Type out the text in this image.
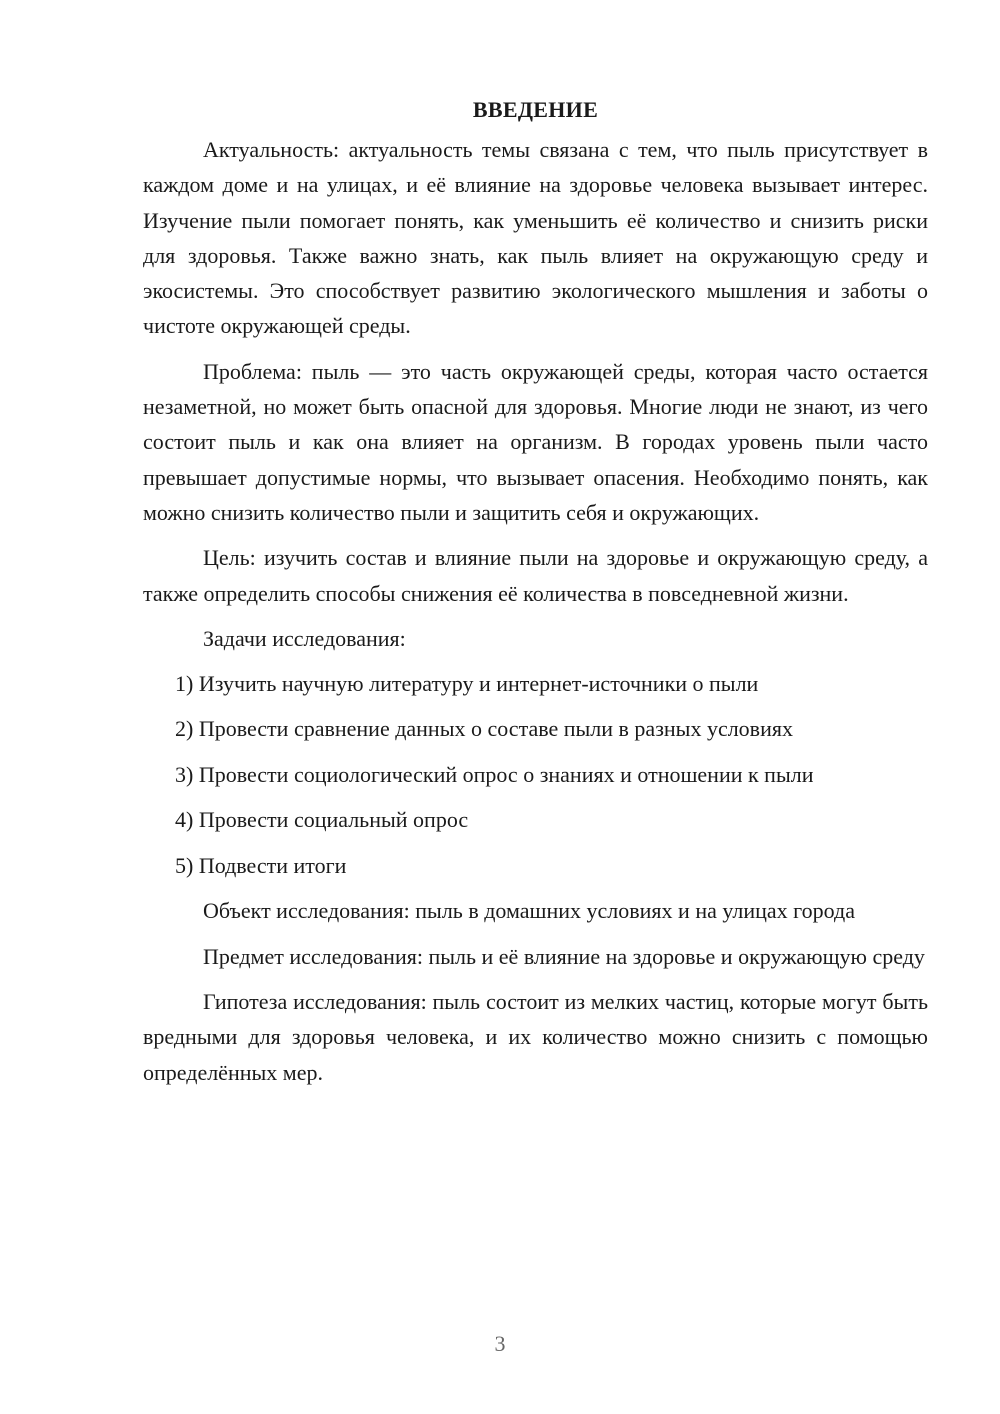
ВВЕДЕНИЕ

Актуальность: актуальность темы связана с тем, что пыль присутствует в каждом доме и на улицах, и её влияние на здоровье человека вызывает интерес. Изучение пыли помогает понять, как уменьшить её количество и снизить риски для здоровья. Также важно знать, как пыль влияет на окружающую среду и экосистемы. Это способствует развитию экологического мышления и заботы о чистоте окружающей среды.

Проблема: пыль — это часть окружающей среды, которая часто остается незаметной, но может быть опасной для здоровья. Многие люди не знают, из чего состоит пыль и как она влияет на организм. В городах уровень пыли часто превышает допустимые нормы, что вызывает опасения. Необходимо понять, как можно снизить количество пыли и защитить себя и окружающих.

Цель: изучить состав и влияние пыли на здоровье и окружающую среду, а также определить способы снижения её количества в повседневной жизни.

Задачи исследования:

1) Изучить научную литературу и интернет-источники о пыли
2) Провести сравнение данных о составе пыли в разных условиях
3) Провести социологический опрос о знаниях и отношении к пыли
4) Провести социальный опрос
5) Подвести итоги

Объект исследования: пыль в домашних условиях и на улицах города

Предмет исследования: пыль и её влияние на здоровье и окружающую среду

Гипотеза исследования: пыль состоит из мелких частиц, которые могут быть вредными для здоровья человека, и их количество можно снизить с помощью определённых мер.

3
